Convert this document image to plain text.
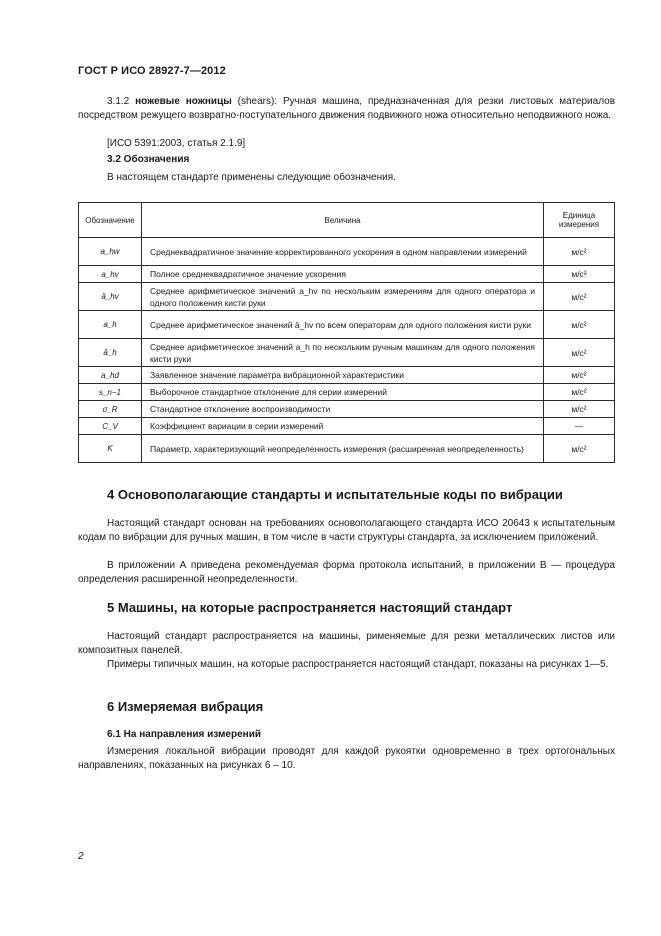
ГОСТ Р ИСО 28927-7—2012
3.1.2 ножевые ножницы (shears): Ручная машина, предназначенная для резки листовых материалов посредством режущего возвратно-поступательного движения подвижного ножа относительно неподвижного ножа.
[ИСО 5391:2003, статья 2.1.9]
3.2 Обозначения
В настоящем стандарте применены следующие обозначения.
Обозначение	Величина	Единица измерения
a_hw	Среднеквадратичное значение корректированного ускорения в одном направлении измерений	м/с²
a_hv	Полное среднеквадратичное значение ускорения	м/с²
ā_hv	Среднее арифметическое значений a_hv по нескольким измерениям для одного оператора и одного положения кисти руки	м/с²
a_h	Среднее арифметическое значений ā_hv по всем операторам для одного положения кисти руки	м/с²
ā_h	Среднее арифметическое значений a_h по нескольким ручным машинам для одного положения кисти руки	м/с²
a_hd	Заявленное значение параметра вибрационной характеристики	м/с²
s_n−1	Выборочное стандартное отклонение для серии измерений	м/с²
σ_R	Стандартное отклонение воспроизводимости	м/с²
C_V	Коэффициент вариации в серии измерений	—
K	Параметр, характеризующий неопределенность измерения (расширенная неопределенность)	м/с²
4 Основополагающие стандарты и испытательные коды по вибрации
Настоящий стандарт основан на требованиях основополагающего стандарта ИСО 20643 к испытательным кодам по вибрации для ручных машин, в том числе в части структуры стандарта, за исключением приложений.
В приложении А приведена рекомендуемая форма протокола испытаний, в приложении В — процедура определения расширенной неопределенности.
5 Машины, на которые распространяется настоящий стандарт
Настоящий стандарт распространяется на машины, рименяемые для резки металлических листов или композитных панелей.
Примеры типичных машин, на которые распространяется настоящий стандарт, показаны на рисунках 1—5.
6 Измеряемая вибрация
6.1 На направления измерений
Измерения локальной вибрации проводят для каждой рукоятки одновременно в трех ортогональных направлениях, показанных на рисунках 6 – 10.
2
